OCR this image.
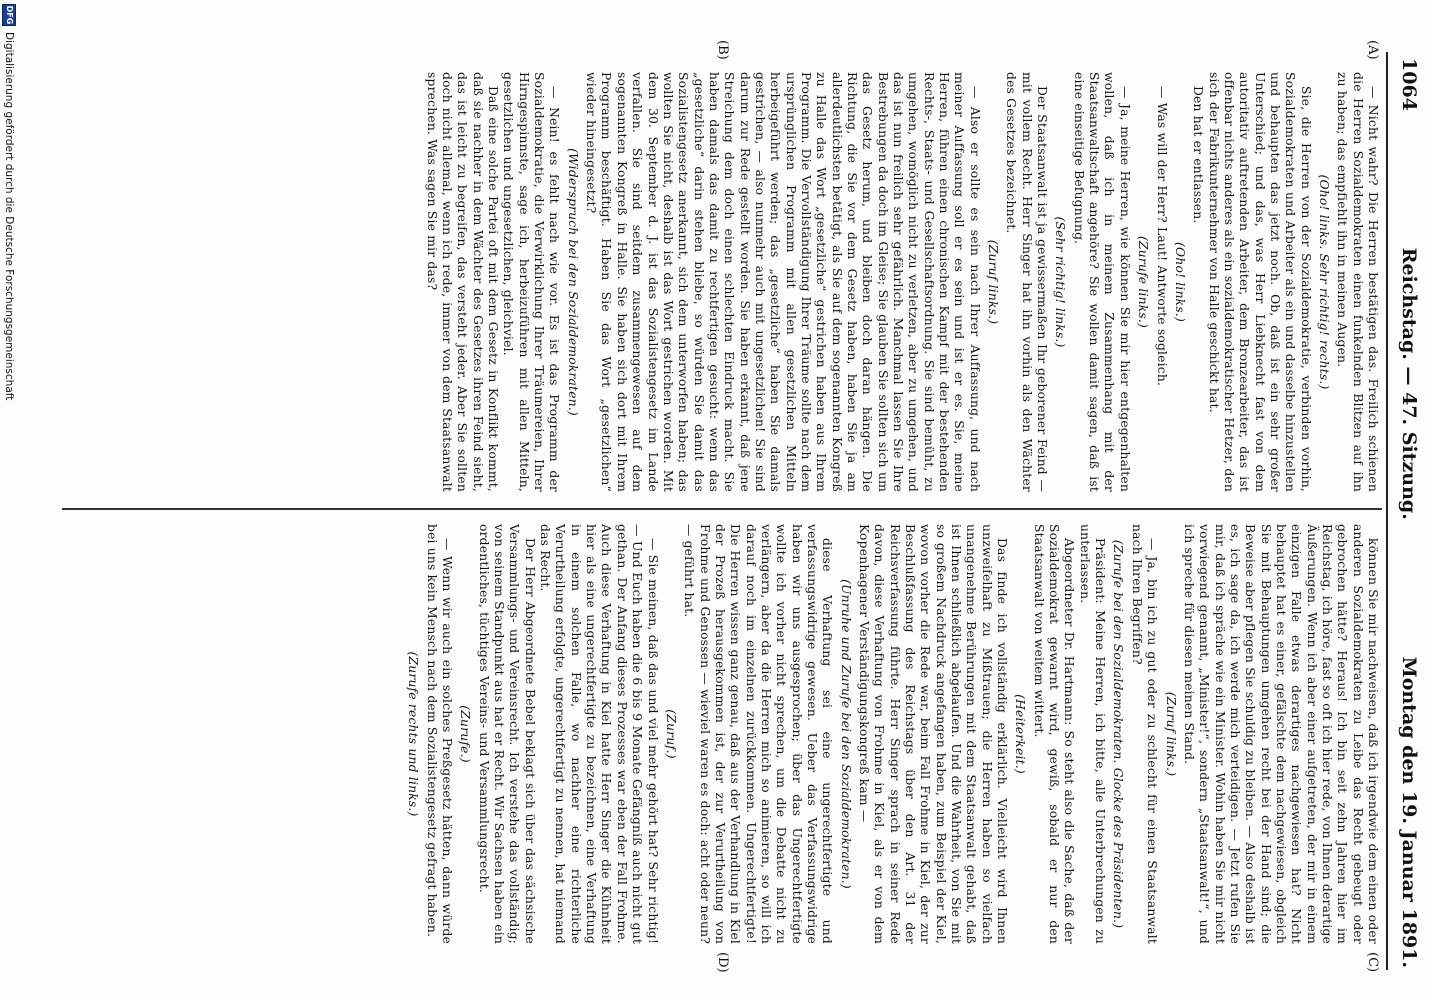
1064
Reichstag. — 47. Sitzung.
Montag den 19. Januar 1891.
(A)
(B)
(C)
(D)

— Nicht wahr? Die Herren bestätigen das. Freilich schienen die Herren Sozialdemokraten einen funkelnden Blitzen auf ihn zu haben; das empfiehlt ihn in meinen Augen.

(Oho! links. Sehr richtig! rechts.)

Sie, die Herren von der Sozialdemokratie, verbinden vorhin, Sozialdemokraten und Arbeiter als ein und dasselbe hinzustellen und behaupten das jetzt noch. Ob, daß ist ein sehr großer Unterschied; und das, was Herr Liebknecht fast von dem autoritativ auftretenden Arbeiter, dem Bronzearbeiter, das ist offenbar nichts anderes als ein sozialdemokratischer Hetzer, den sich der Fabrikunternehmer von Halle geschickt hat.

Den hat er entlassen.

(Oho! links.)

— Was will der Herr? Laut! Antworte sogleich.

(Zurufe links.)

— Ja, meine Herren, wie können Sie mir hier entgegenhalten wollen, daß ich in meinem Zusammenhang mit der Staatsanwaltschaft angehöre? Sie wollen damit sagen, daß ist eine einseitige Befugnung.

(Sehr richtig! links.)

Der Staatsanwalt ist ja gewissermaßen Ihr geborener Feind — mit vollem Recht. Herr Singer hat ihn vorhin als den Wächter des Gesetzes bezeichnet.

(Zuruf links.)

— Also er sollte es sein nach Ihrer Auffassung, und nach meiner Auffassung soll er es sein und ist er es. Sie, meine Herren, führen einen chronischen Kampf mit der bestehenden Rechts-, Staats- und Gesellschaftsordnung. Sie sind bemüht, zu umgehen, womöglich nicht zu verletzen, aber zu umgehen, und das ist nun freilich sehr gefährlich. Manchmal lassen Sie Ihre Bestrebungen da doch im Gleise; Sie glauben Sie sollten sich um das Gesetz herum, und bleiben doch daran hängen. Die Richtung, die Sie vor dem Gesetz haben, haben Sie ja am allerdeutlichsten betätigt, als Sie auf dem sogenannten Kongreß zu Halle das Wort „gesetzliche“ gestrichen haben aus Ihrem Programm. Die Vervollständigung Ihrer Träume sollte nach dem ursprünglichen Programm mit allen gesetzlichen Mitteln herbeigeführt werden; das „gesetzliche“ haben Sie damals gestrichen, — also nunmehr auch mit ungesetzlichen! Sie sind darum zur Rede gestellt worden. Sie haben erkannt, daß jene Streichung dem doch einen schlechten Eindruck macht. Sie haben damals das damit zu rechtfertigen gesucht: wenn das „gesetzliche“ darin stehen bliebe, so würden Sie damit das Sozialistengesetz anerkannt, sich dem unterworfen haben; das wollten Sie nicht, deshalb ist das Wort gestrichen worden. Mit dem 30. September d. J. ist das Sozialistengesetz im Lande verfallen. Sie sind seitdem zusammengewesen auf dem sogenannten Kongreß in Halle. Sie haben sich dort mit Ihrem Programm beschäftigt. Haben Sie das Wort „gesetzlichen“ wieder hineingesetzt?

(Widerspruch bei den Sozialdemokraten.)

— Nein! es fehlt nach wie vor. Es ist das Programm der Sozialdemokratie, die Verwirklichung Ihrer Träumereien, Ihrer Hirngespinnste, sage ich, herbeizuführen mit allen Mitteln, gesetzlichen und ungesetzlichen, gleichviel.

Daß eine solche Partei oft mit dem Gesetz in Konflikt kommt, daß sie nachher in dem Wächter des Gesetzes ihren Feind sieht, das ist leicht zu begreifen, das versteht jeder. Aber Sie sollten doch nicht allemal, wenn ich rede, immer von dem Staatsanwalt sprechen. Was sagen Sie mir das?

können Sie mir nachweisen, daß ich irgendwie dem einen oder anderen Sozialdemokraten zu Leibe das Recht gebeugt oder gebrochen hätte? Heraus! Ich bin seit zehn Jahren hier im Reichstag, ich höre, fast so oft ich hier rede, von Ihnen derartige Äußerungen. Wenn ich aber einer aufgetreten, der mir in einem einzigen Falle etwas derartiges nachgewiesen hat? Nicht behauptet hat es einer, gefälschte dem nachgewiesen, obgleich Sie mit Behauptungen umgehen recht bei der Hand sind; die Beweise aber pflegen Sie schuldig zu bleiben. — Also deshalb ist es, ich sage da, ich werde mich verteidigen. — Jetzt rufen Sie mir, daß ich spräche wie ein Minister. Wohin haben Sie mir nicht vorwiegend genannt, „Minister!“, sondern „Staatsanwalt!“, und ich spreche für diesen meinen Stand.

(Zuruf links.)

— Ja, bin ich zu gut oder zu schlecht für einen Staatsanwalt nach Ihren Begriffen?

(Zurufe bei den Sozialdemokraten. Glocke des Präsidenten.)

Präsident: Meine Herren, ich bitte, alle Unterbrechungen zu unterlassen.

Abgeordneter Dr. Hartmann: So steht also die Sache, daß der Sozialdemokrat gewarnt wird, gewiß, sobald er nur den Staatsanwalt von weitem wittert.

(Heiterkeit.)

Das finde ich vollständig erklärlich. Vielleicht wird Ihnen unzweifelhaft zu Mißtrauen; die Herren haben so vielfach unangenehme Berührungen mit dem Staatsanwalt gehabt, daß ist Ihnen schließlich abgelaufen. Und die Wahrheit, von Sie mit so großem Nachdruck angefangen haben, zum Beispiel der Kiel, wovon vorher die Rede war, beim Fall Frohme in Kiel, der zur Beschlußfassung des Reichstags über den Art. 31 der Reichsverfassung führte. Herr Singer sprach in seiner Rede davon, diese Verhaftung von Frohme in Kiel, als er von dem Kopenhagener Verständigungskongreß kam —

(Unruhe und Zurufe bei den Sozialdemokraten.)

diese Verhaftung sei eine ungerechtfertigte und verfassungswidrige gewesen. Ueber das Verfassungswidrige haben wir uns ausgesprochen; über das Ungerechtfertigte wollte ich vorher nicht sprechen, um die Debatte nicht zu verlängern, aber da die Herren mich so animieren, so will ich darauf noch im einzelnen zurückkommen. Ungerechtfertigte! Die Herren wissen ganz genau, daß aus der Verhandlung in Kiel der Prozeß herausgekommen ist, der zur Verurtheilung von Frohme und Genossen — wieviel waren es doch: acht oder neun? — geführt hat.

(Zuruf.)

— Sie meinen, daß das und viel mehr gehört hat? Sehr richtig! — Und Euch haben die 6 bis 9 Monate Gefängniß auch nicht gut gethan. Der Anfang dieses Prozesses war eben der Fall Frohme. Auch diese Verhaftung in Kiel hatte Herr Singer die Kühnheit hier als eine ungerechtfertigte zu bezeichnen, eine Verhaftung in einem solchen Falle, wo nachher eine richterliche Verurtheilung erfolgte, ungerechtfertigt zu nennen, hat niemand das Recht.

Der Herr Abgeordnete Bebel beklagt sich über das sächsische Versammlungs- und Vereinsrecht. Ich verstehe das vollständig; von seinem Standpunkt aus hat er Recht. Wir Sachsen haben ein ordentliches, tüchtiges Vereins- und Versammlungsrecht.

(Zurufe.)

— Wenn wir auch ein solches Preßgesetz hätten, dann würde bei uns kein Mensch nach dem Sozialistengesetz gefragt haben.

(Zurufe rechts und links.)

DFG
Digitalisierung gefördert durch die Deutsche Forschungsgemeinschaft
